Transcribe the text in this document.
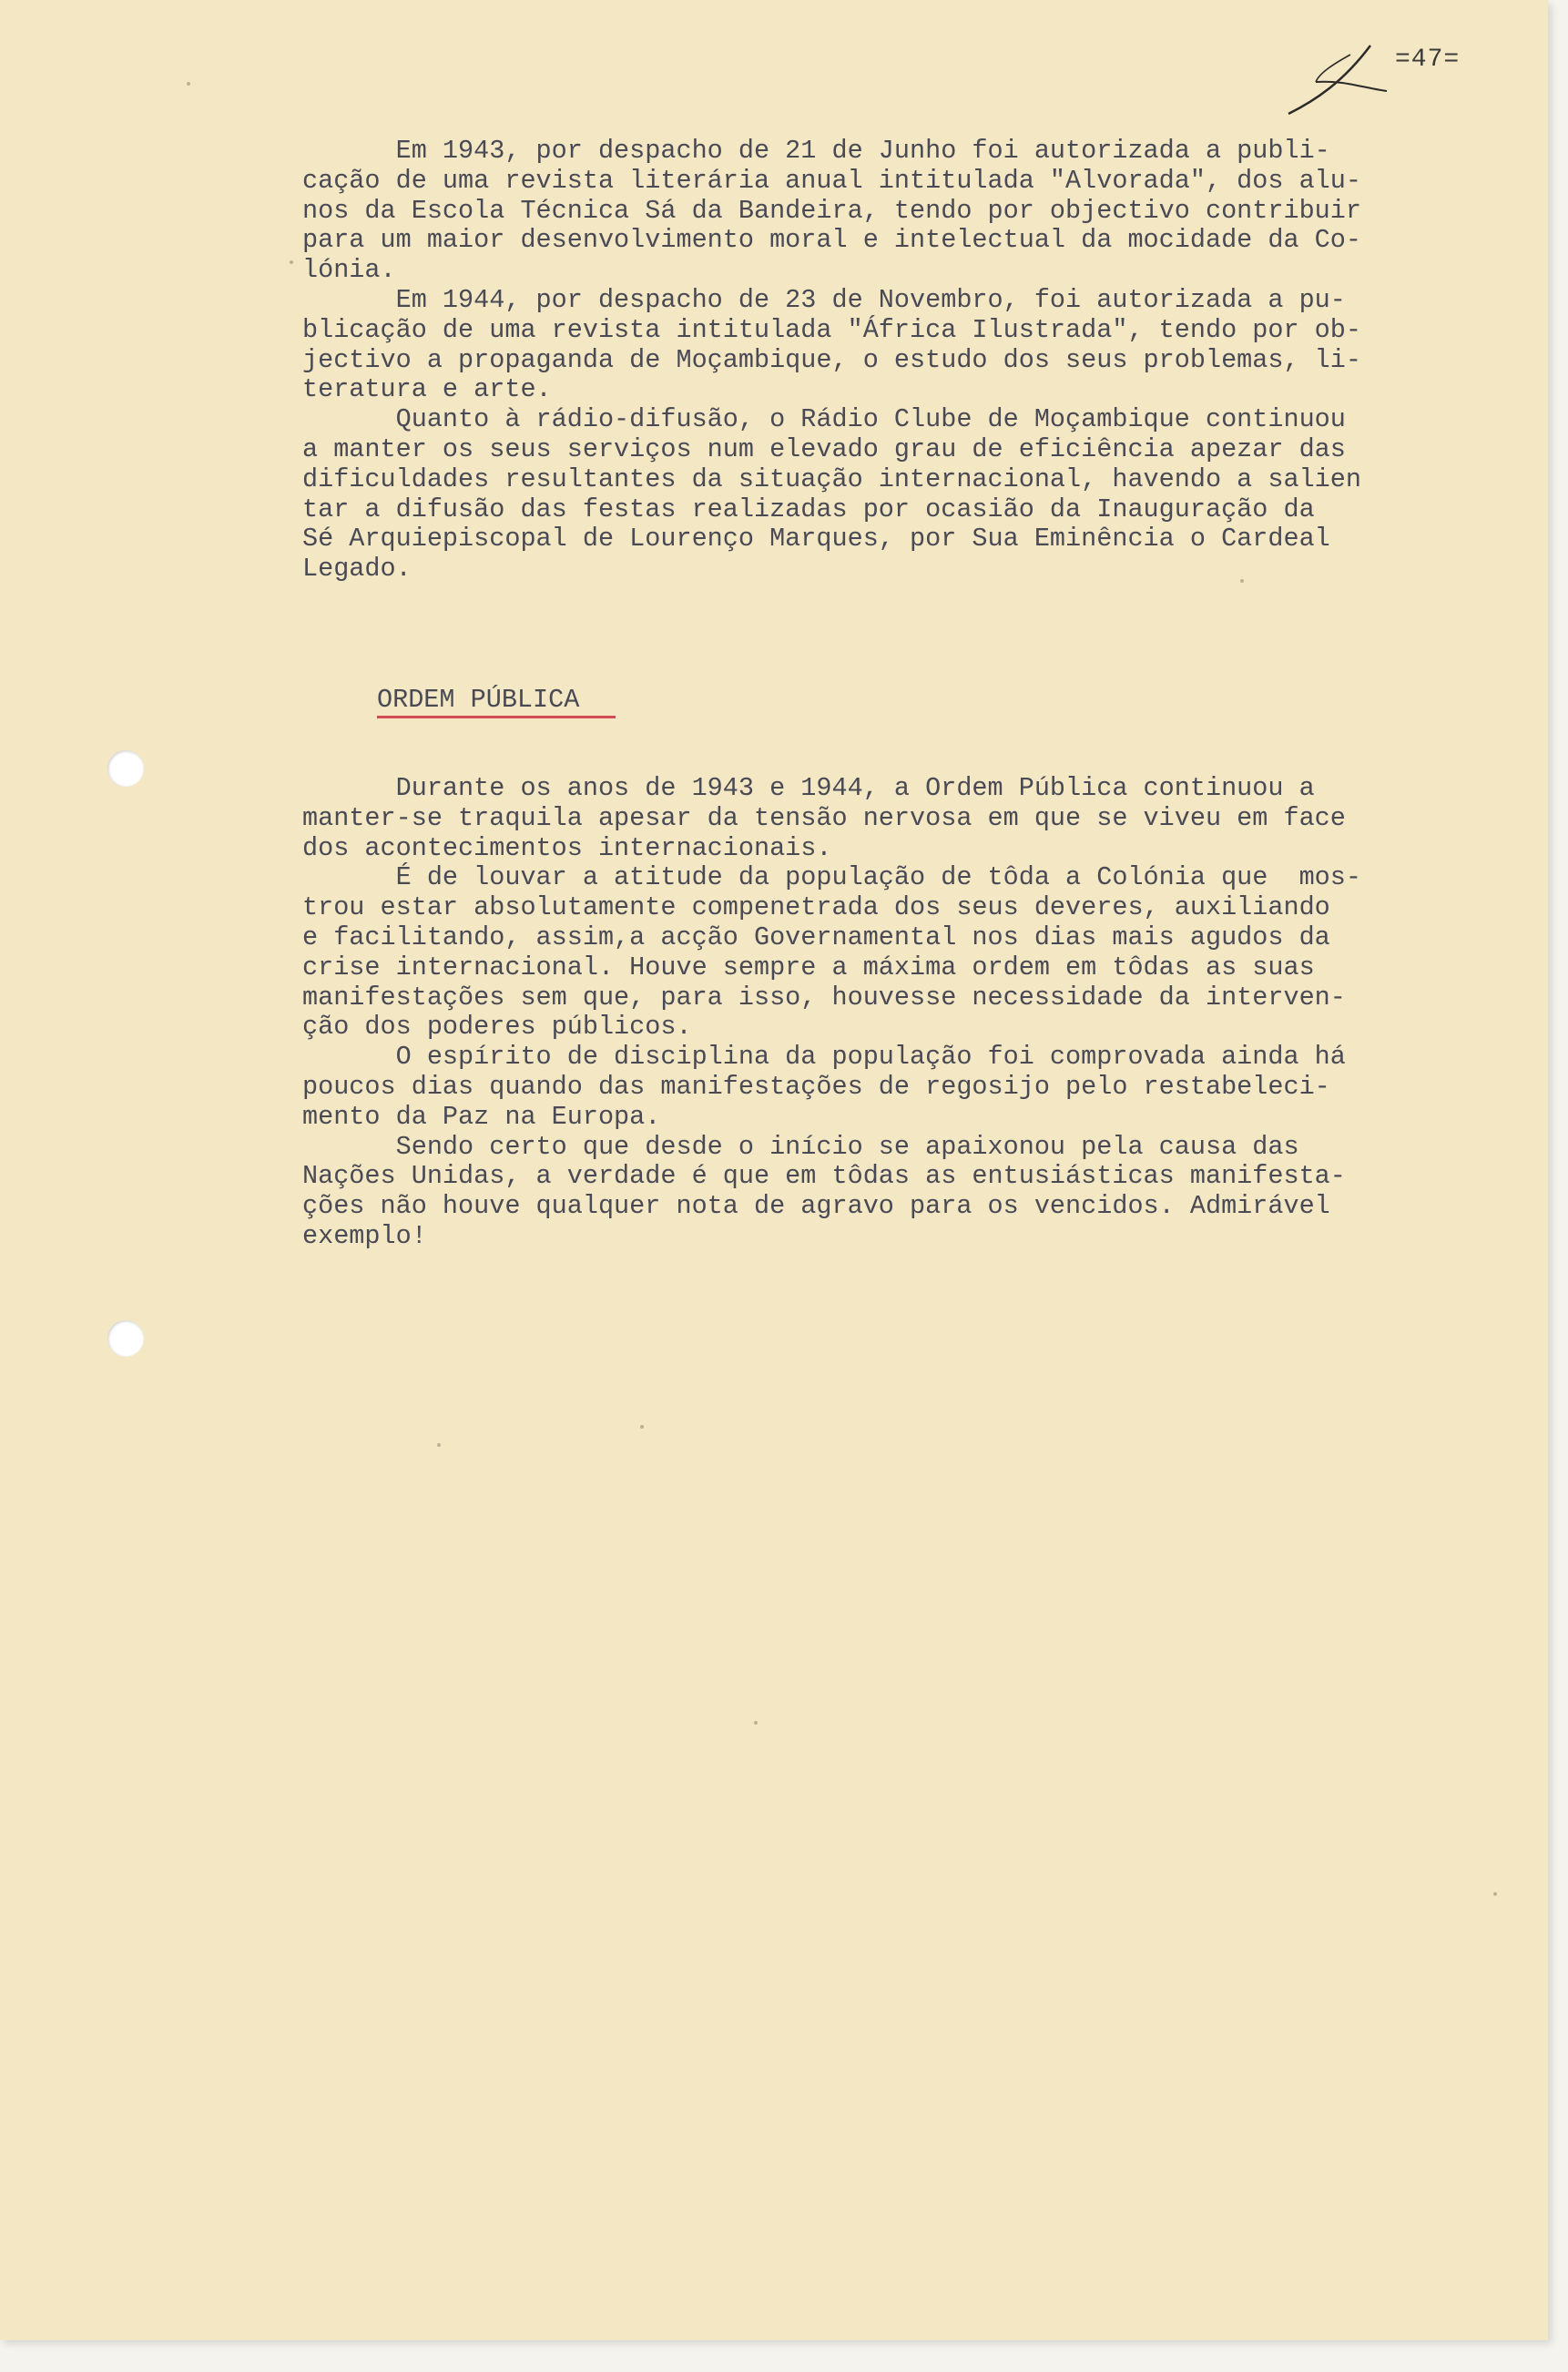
=47=
Em 1943, por despacho de 21 de Junho foi autorizada a publi-
cação de uma revista literária anual intitulada "Alvorada", dos alu-
nos da Escola Técnica Sá da Bandeira, tendo por objectivo contribuir
para um maior desenvolvimento moral e intelectual da mocidade da Co-
lónia.
Em 1944, por despacho de 23 de Novembro, foi autorizada a pu-
blicação de uma revista intitulada "África Ilustrada", tendo por ob-
jectivo a propaganda de Moçambique, o estudo dos seus problemas, li-
teratura e arte.
Quanto à rádio-difusão, o Rádio Clube de Moçambique continuou
a manter os seus serviços num elevado grau de eficiência apezar das
dificuldades resultantes da situação internacional, havendo a salien
tar a difusão das festas realizadas por ocasião da Inauguração da
Sé Arquiepiscopal de Lourenço Marques, por Sua Eminência o Cardeal
Legado.
ORDEM PÚBLICA
Durante os anos de 1943 e 1944, a Ordem Pública continuou a
manter-se traquila apesar da tensão nervosa em que se viveu em face
dos acontecimentos internacionais.
É de louvar a atitude da população de tôda a Colónia que  mos-
trou estar absolutamente compenetrada dos seus deveres, auxiliando
e facilitando, assim,a acção Governamental nos dias mais agudos da
crise internacional. Houve sempre a máxima ordem em tôdas as suas
manifestações sem que, para isso, houvesse necessidade da interven-
ção dos poderes públicos.
O espírito de disciplina da população foi comprovada ainda há
poucos dias quando das manifestações de regosijo pelo restabeleci-
mento da Paz na Europa.
Sendo certo que desde o início se apaixonou pela causa das
Nações Unidas, a verdade é que em tôdas as entusiásticas manifesta-
ções não houve qualquer nota de agravo para os vencidos. Admirável
exemplo!
